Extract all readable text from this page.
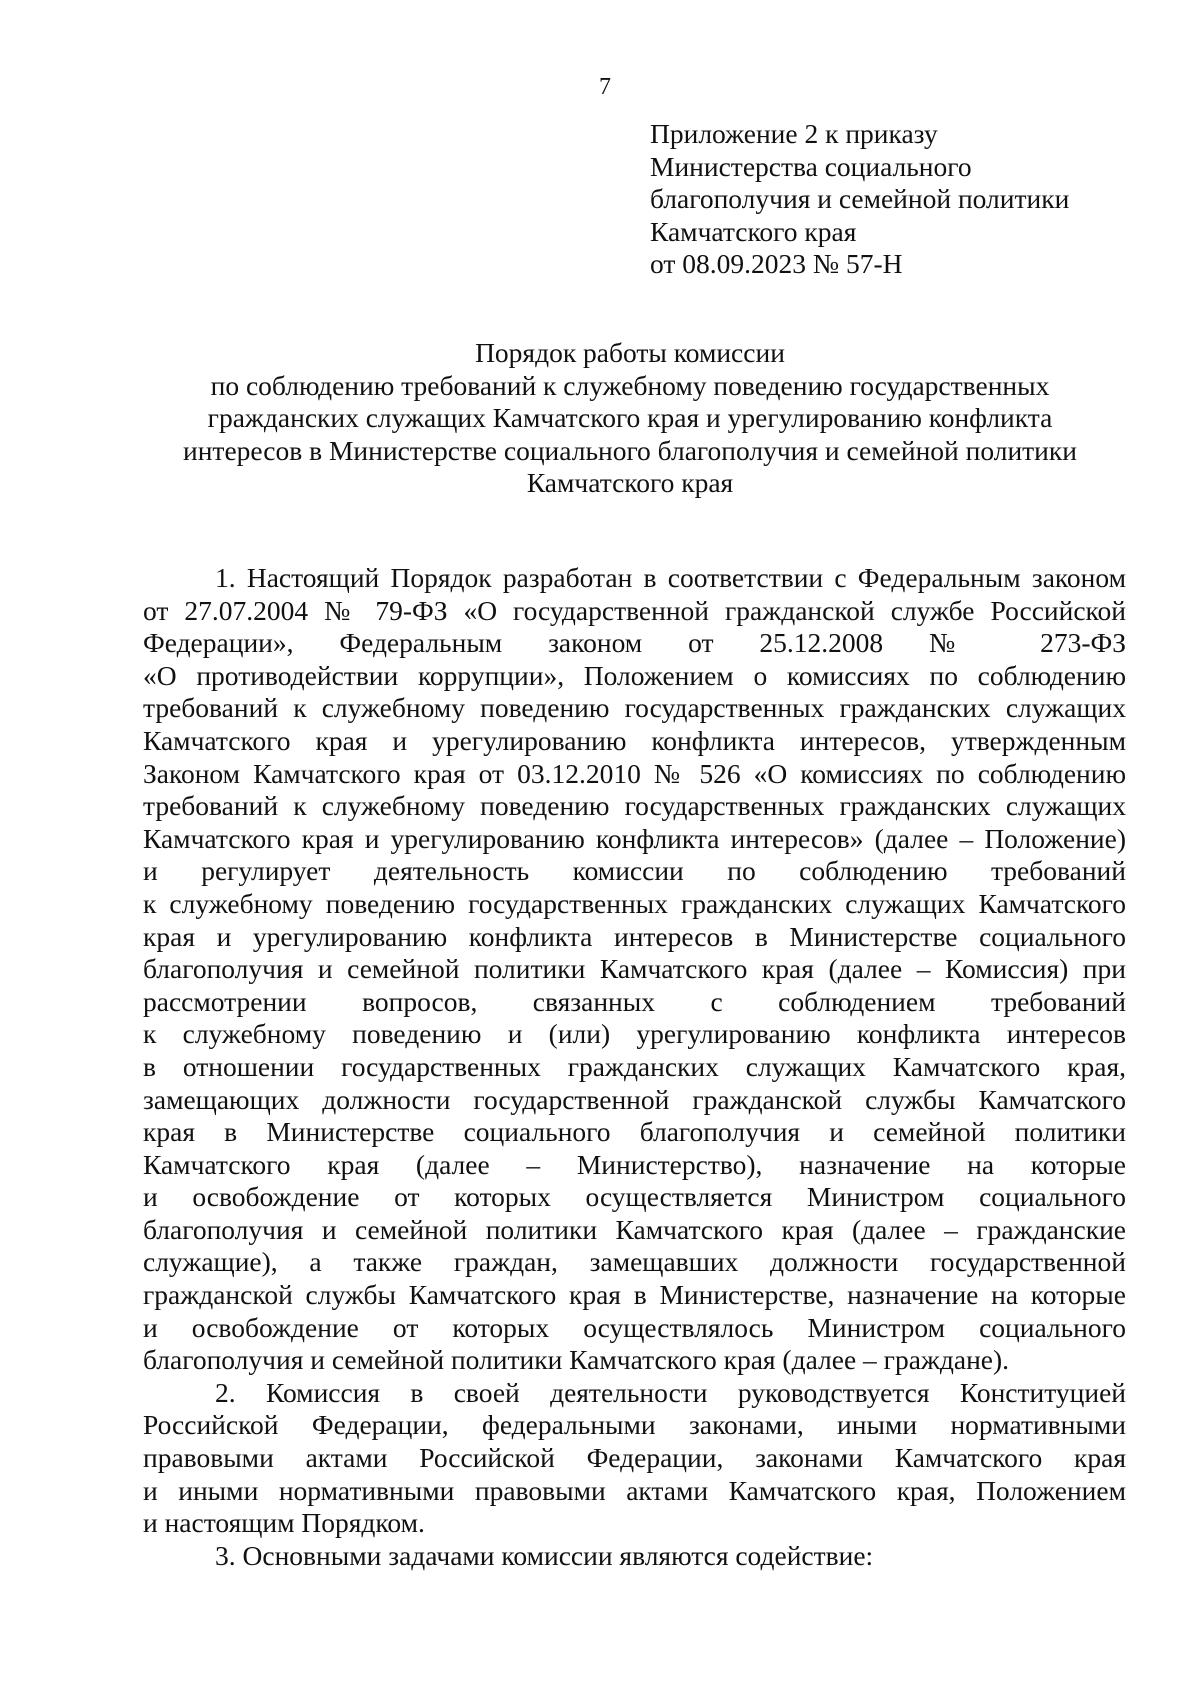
7
Приложение 2 к приказу
Министерства социального
благополучия и семейной политики
Камчатского края
от 08.09.2023 № 57-Н
Порядок работы комиссии
по соблюдению требований к служебному поведению государственных
гражданских служащих Камчатского края и урегулированию конфликта
интересов в Министерстве социального благополучия и семейной политики
Камчатского края
1. Настоящий Порядок разработан в соответствии с Федеральным законом
от 27.07.2004 № 79-ФЗ «О государственной гражданской службе Российской
Федерации», Федеральным законом от 25.12.2008 № 273-ФЗ
«О противодействии коррупции», Положением о комиссиях по соблюдению
требований к служебному поведению государственных гражданских служащих
Камчатского края и урегулированию конфликта интересов, утвержденным
Законом Камчатского края от 03.12.2010 № 526 «О комиссиях по соблюдению
требований к служебному поведению государственных гражданских служащих
Камчатского края и урегулированию конфликта интересов» (далее – Положение)
и регулирует деятельность комиссии по соблюдению требований
к служебному поведению государственных гражданских служащих Камчатского
края и урегулированию конфликта интересов в Министерстве социального
благополучия и семейной политики Камчатского края (далее – Комиссия) при
рассмотрении вопросов, связанных с соблюдением требований
к служебному поведению и (или) урегулированию конфликта интересов
в отношении государственных гражданских служащих Камчатского края,
замещающих должности государственной гражданской службы Камчатского
края в Министерстве социального благополучия и семейной политики
Камчатского края (далее – Министерство), назначение на которые
и освобождение от которых осуществляется Министром социального
благополучия и семейной политики Камчатского края (далее – гражданские
служащие), а также граждан, замещавших должности государственной
гражданской службы Камчатского края в Министерстве, назначение на которые
и освобождение от которых осуществлялось Министром социального
благополучия и семейной политики Камчатского края (далее – граждане).
2. Комиссия в своей деятельности руководствуется Конституцией
Российской Федерации, федеральными законами, иными нормативными
правовыми актами Российской Федерации, законами Камчатского края
и иными нормативными правовыми актами Камчатского края, Положением
и настоящим Порядком.
3. Основными задачами комиссии являются содействие:
